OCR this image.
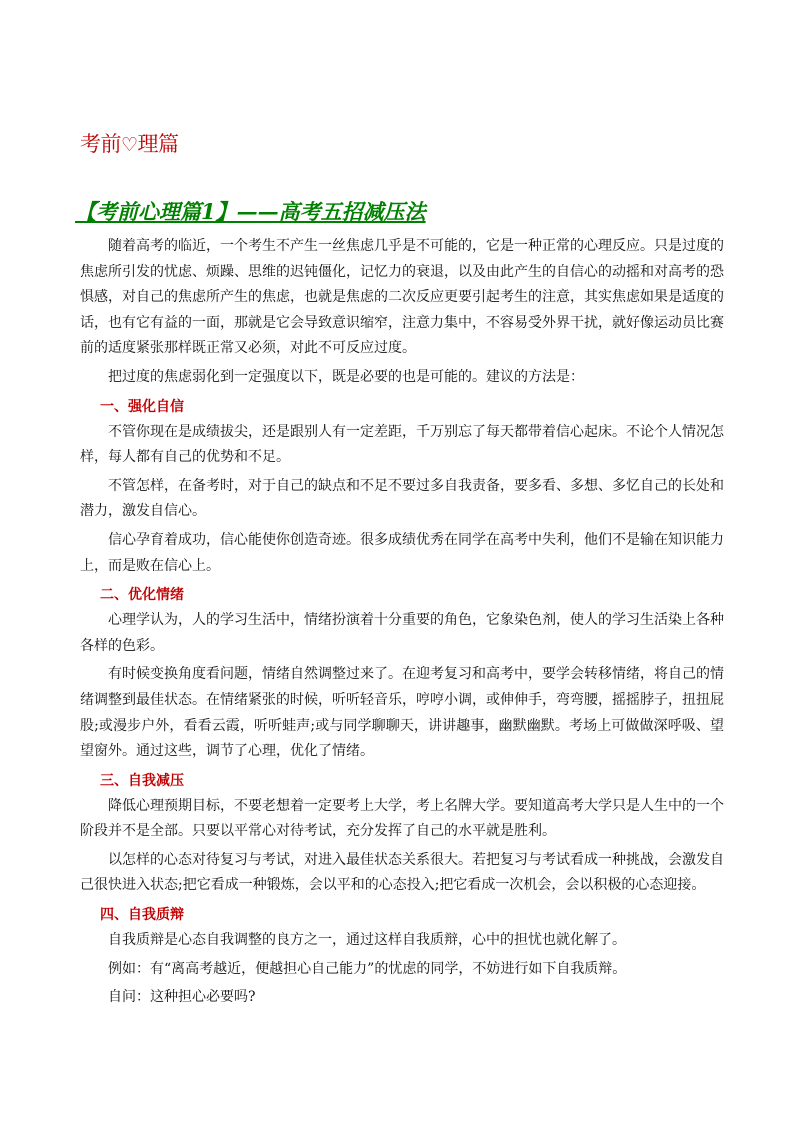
考前♡理篇
【考前心理篇1】——高考五招减压法

随着高考的临近，一个考生不产生一丝焦虑几乎是不可能的，它是一种正常的心理反应。只是过度的焦虑所引发的忧虑、烦躁、思维的迟钝僵化，记忆力的衰退，以及由此产生的自信心的动摇和对高考的恐惧感，对自己的焦虑所产生的焦虑，也就是焦虑的二次反应更要引起考生的注意，其实焦虑如果是适度的话，也有它有益的一面，那就是它会导致意识缩窄，注意力集中，不容易受外界干扰，就好像运动员比赛前的适度紧张那样既正常又必须，对此不可反应过度。

把过度的焦虑弱化到一定强度以下，既是必要的也是可能的。建议的方法是：

一、强化自信

不管你现在是成绩拔尖，还是跟别人有一定差距，千万别忘了每天都带着信心起床。不论个人情况怎样，每人都有自己的优势和不足。

不管怎样，在备考时，对于自己的缺点和不足不要过多自我责备，要多看、多想、多忆自己的长处和潜力，激发自信心。

信心孕育着成功，信心能使你创造奇迹。很多成绩优秀在同学在高考中失利，他们不是输在知识能力上，而是败在信心上。

二、优化情绪

心理学认为，人的学习生活中，情绪扮演着十分重要的角色，它象染色剂，使人的学习生活染上各种各样的色彩。

有时候变换角度看问题，情绪自然调整过来了。在迎考复习和高考中，要学会转移情绪，将自己的情绪调整到最佳状态。在情绪紧张的时候，听听轻音乐，哼哼小调，或伸伸手，弯弯腰，摇摇脖子，扭扭屁股;或漫步户外，看看云霞，听听蛙声;或与同学聊聊天，讲讲趣事，幽默幽默。考场上可做做深呼吸、望望窗外。通过这些，调节了心理，优化了情绪。

三、自我减压

降低心理预期目标，不要老想着一定要考上大学，考上名牌大学。要知道高考大学只是人生中的一个阶段并不是全部。只要以平常心对待考试，充分发挥了自己的水平就是胜利。

以怎样的心态对待复习与考试，对进入最佳状态关系很大。若把复习与考试看成一种挑战，会激发自己很快进入状态;把它看成一种锻炼，会以平和的心态投入;把它看成一次机会，会以积极的心态迎接。

四、自我质辩

自我质辩是心态自我调整的良方之一，通过这样自我质辩，心中的担忧也就化解了。

例如：有“离高考越近，便越担心自己能力”的忧虑的同学，不妨进行如下自我质辩。

自问：这种担心必要吗?
